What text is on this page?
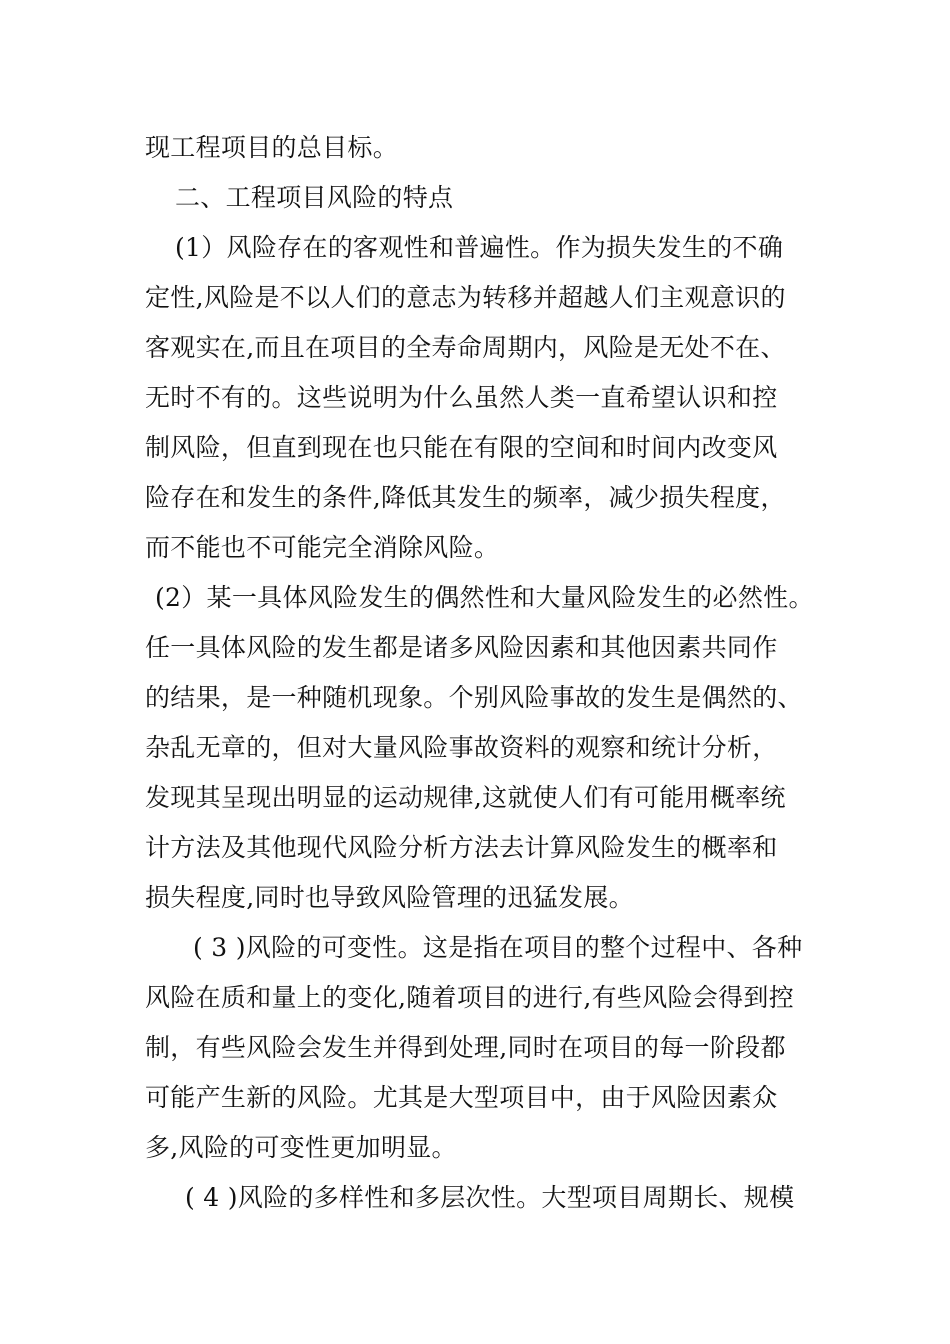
现工程项目的总目标。
二、工程项目风险的特点
(1）风险存在的客观性和普遍性。作为损失发生的不确
定性,风险是不以人们的意志为转移并超越人们主观意识的
客观实在,而且在项目的全寿命周期内，风险是无处不在、
无时不有的。这些说明为什么虽然人类一直希望认识和控
制风险，但直到现在也只能在有限的空间和时间内改变风
险存在和发生的条件,降低其发生的频率，减少损失程度，
而不能也不可能完全消除风险。
(2）某一具体风险发生的偶然性和大量风险发生的必然性。
任一具体风险的发生都是诸多风险因素和其他因素共同作
的结果，是一种随机现象。个别风险事故的发生是偶然的、
杂乱无章的，但对大量风险事故资料的观察和统计分析，
发现其呈现出明显的运动规律,这就使人们有可能用概率统
计方法及其他现代风险分析方法去计算风险发生的概率和
损失程度,同时也导致风险管理的迅猛发展。
( 3 )风险的可变性。这是指在项目的整个过程中、各种
风险在质和量上的变化,随着项目的进行,有些风险会得到控
制，有些风险会发生并得到处理,同时在项目的每一阶段都
可能产生新的风险。尤其是大型项目中，由于风险因素众
多,风险的可变性更加明显。
( 4 )风险的多样性和多层次性。大型项目周期长、规模
